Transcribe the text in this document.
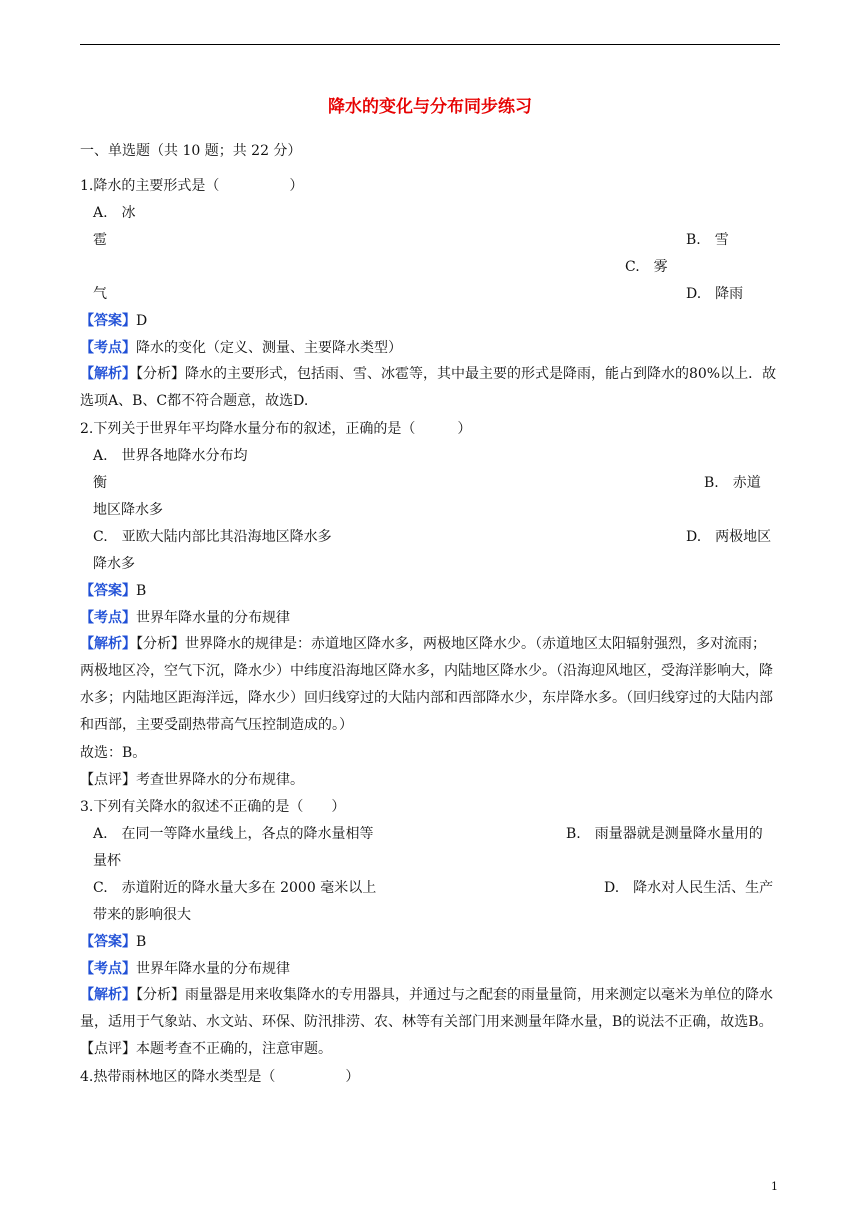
降水的变化与分布同步练习
一、单选题（共 10 题；共 22 分）
1.降水的主要形式是（　　　　　）
A.　冰
雹	B.　雪
C.　雾
气	D.　降雨
【答案】D
【考点】降水的变化（定义、测量、主要降水类型）
【解析】【分析】降水的主要形式，包括雨、雪、冰雹等，其中最主要的形式是降雨，能占到降水的80%以上．故选项A、B、C都不符合题意，故选D.
2.下列关于世界年平均降水量分布的叙述，正确的是（　　　）
A.　世界各地降水分布均
衡	B.　赤道
地区降水多
C.　亚欧大陆内部比其沿海地区降水多	D.　两极地区
降水多
【答案】B
【考点】世界年降水量的分布规律
【解析】【分析】世界降水的规律是：赤道地区降水多，两极地区降水少。（赤道地区太阳辐射强烈，多对流雨；两极地区冷，空气下沉，降水少）中纬度沿海地区降水多，内陆地区降水少。（沿海迎风地区，受海洋影响大，降水多；内陆地区距海洋远，降水少）回归线穿过的大陆内部和西部降水少，东岸降水多。（回归线穿过的大陆内部和西部，主要受副热带高气压控制造成的。）
故选：B。
【点评】考查世界降水的分布规律。
3.下列有关降水的叙述不正确的是（　　）
A.　在同一等降水量线上，各点的降水量相等	B.　雨量器就是测量降水量用的
量杯
C.　赤道附近的降水量大多在 2000 毫米以上	D.　降水对人民生活、生产
带来的影响很大
【答案】B
【考点】世界年降水量的分布规律
【解析】【分析】雨量器是用来收集降水的专用器具，并通过与之配套的雨量量筒，用来测定以毫米为单位的降水量，适用于气象站、水文站、环保、防汛排涝、农、林等有关部门用来测量年降水量，B的说法不正确，故选B。【点评】本题考查不正确的，注意审题。
4.热带雨林地区的降水类型是（　　　　　）
1
